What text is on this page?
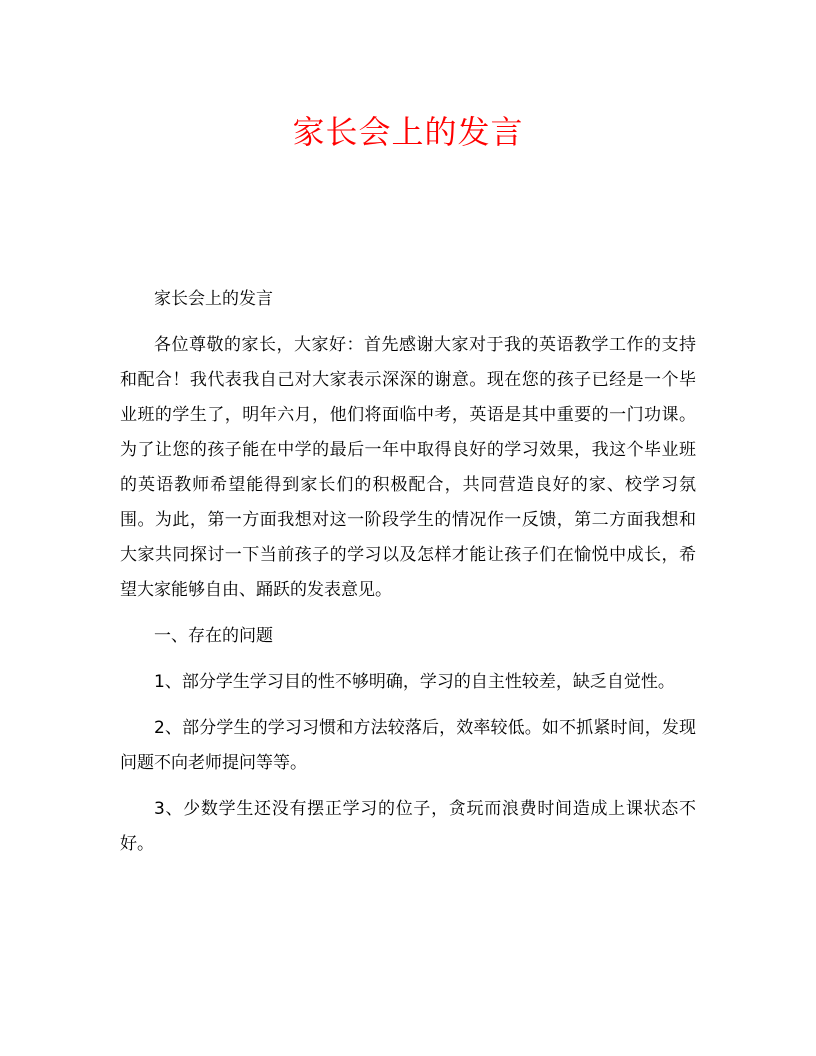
家长会上的发言

家长会上的发言

各位尊敬的家长，大家好：首先感谢大家对于我的英语教学工作的支持和配合！我代表我自己对大家表示深深的谢意。现在您的孩子已经是一个毕业班的学生了，明年六月，他们将面临中考，英语是其中重要的一门功课。为了让您的孩子能在中学的最后一年中取得良好的学习效果，我这个毕业班的英语教师希望能得到家长们的积极配合，共同营造良好的家、校学习氛围。为此，第一方面我想对这一阶段学生的情况作一反馈，第二方面我想和大家共同探讨一下当前孩子的学习以及怎样才能让孩子们在愉悦中成长，希望大家能够自由、踊跃的发表意见。

一、存在的问题

1、部分学生学习目的性不够明确，学习的自主性较差，缺乏自觉性。

2、部分学生的学习习惯和方法较落后，效率较低。如不抓紧时间，发现问题不向老师提问等等。

3、少数学生还没有摆正学习的位子，贪玩而浪费时间造成上课状态不好。
